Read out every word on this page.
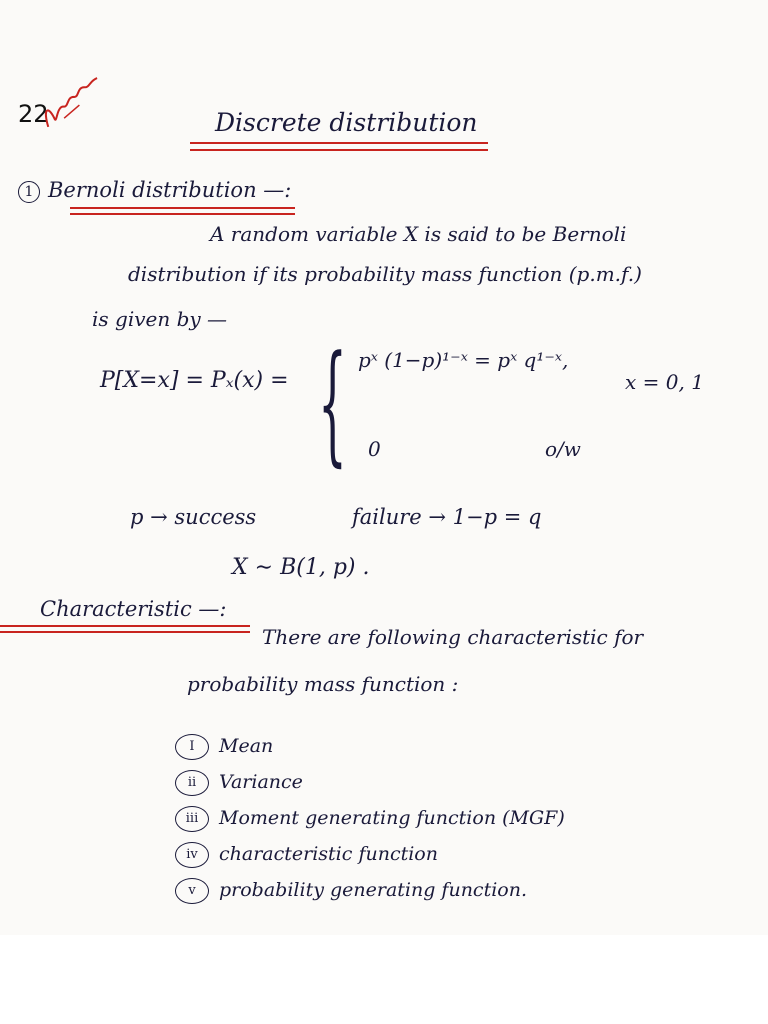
22	Discrete distribution
1 Bernoli distribution —:
A random variable X is said to be Bernoli
distribution if its probability mass function (p.m.f.)
is given by —
P[X=x] = Pₓ(x) = { pˣ (1−p)¹⁻ˣ = pˣ q¹⁻ˣ,
x = 0, 1
0	o/w
p → success	failure → 1−p = q
X ∼ B(1, p) .
Characteristic —:
There are following characteristic for
probability mass function :
I Mean
ii Variance
iii Moment generating function (MGF)
iv characteristic function
v probability generating function.
